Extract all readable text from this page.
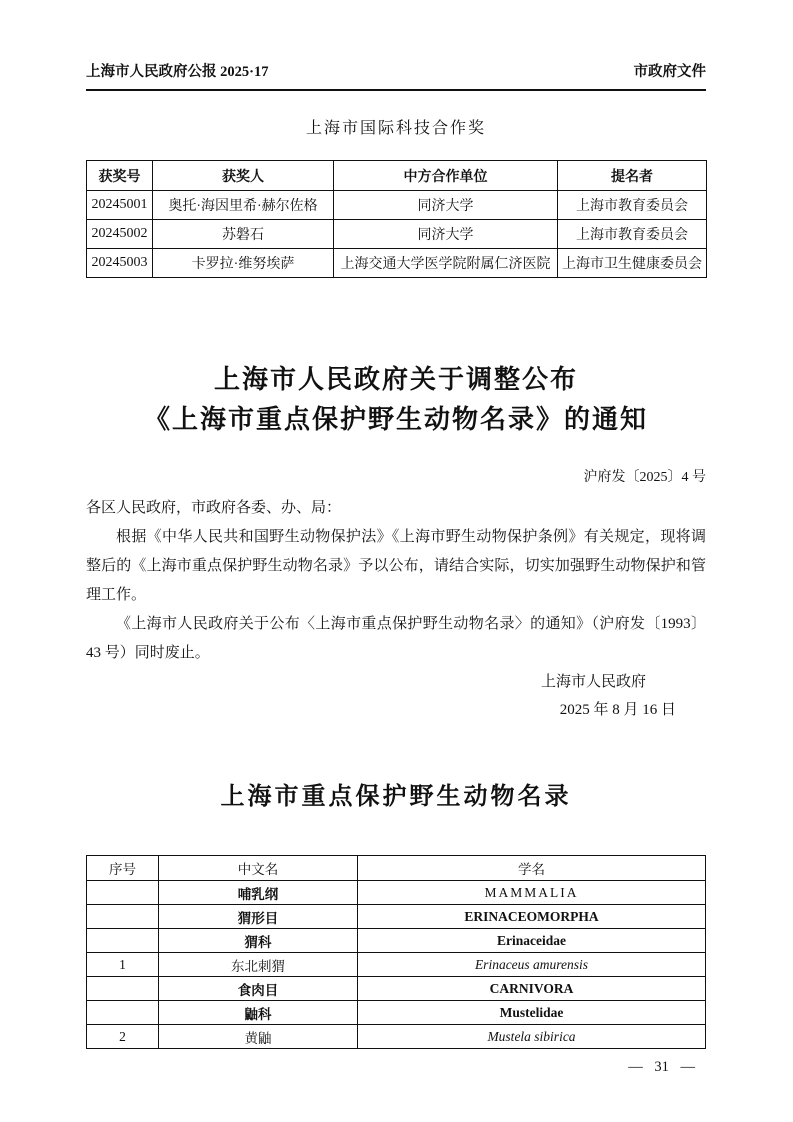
上海市人民政府公报 2025·17	市政府文件
上海市国际科技合作奖
获奖号	获奖人	中方合作单位	提名者
20245001	奥托·海因里希·赫尔佐格	同济大学	上海市教育委员会
20245002	苏磐石	同济大学	上海市教育委员会
20245003	卡罗拉·维努埃萨	上海交通大学医学院附属仁济医院	上海市卫生健康委员会
上海市人民政府关于调整公布
《上海市重点保护野生动物名录》的通知
沪府发〔2025〕4 号
各区人民政府，市政府各委、办、局：
根据《中华人民共和国野生动物保护法》《上海市野生动物保护条例》有关规定，现将调整后的《上海市重点保护野生动物名录》予以公布，请结合实际，切实加强野生动物保护和管理工作。
《上海市人民政府关于公布〈上海市重点保护野生动物名录〉的通知》（沪府发〔1993〕43 号）同时废止。
上海市人民政府
2025 年 8 月 16 日
上海市重点保护野生动物名录
序号	中文名	学名
	哺乳纲	MAMMALIA
	猬形目	ERINACEOMORPHA
	猬科	Erinaceidae
1	东北刺猬	Erinaceus amurensis
	食肉目	CARNIVORA
	鼬科	Mustelidae
2	黄鼬	Mustela sibirica
— 31 —
